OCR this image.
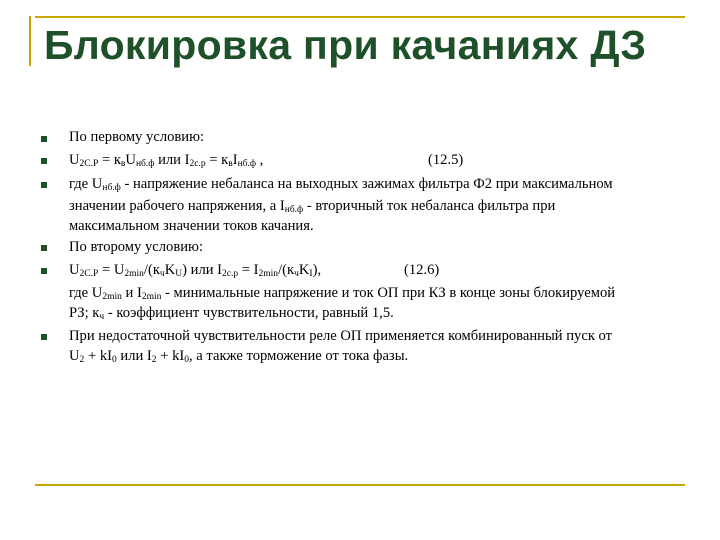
Блокировка при качаниях ДЗ
По первому условию:
$U_{2С.Р} = к_вU_{нб.ф}$ или $I_{2с.р} = к_вI_{нб.ф}$ ,	(12.5)
где $U_{нб.ф}$ - напряжение небаланса на выходных зажимах фильтра Ф2 при максимальном
значении рабочего напряжения, а $I_{нб.ф}$ - вторичный ток небаланса фильтра при
максимальном значении токов качания.
По второму условию:
$U_{2С.Р} = U_{2min}/(к_чK_U)$ или $I_{2с.р} = I_{2min}/(к_чK_I)$,	(12.6)
где $U_{2min}$ и $I_{2min}$ - минимальные напряжение и ток ОП при КЗ в конце зоны блокируемой
РЗ; $к_ч$ - коэффициент чувствительности, равный 1,5.
При недостаточной чувствительности реле ОП применяется комбинированный пуск от
$U_2 + kI_0$ или $I_2 + kI_0$, а также торможение от тока фазы.
